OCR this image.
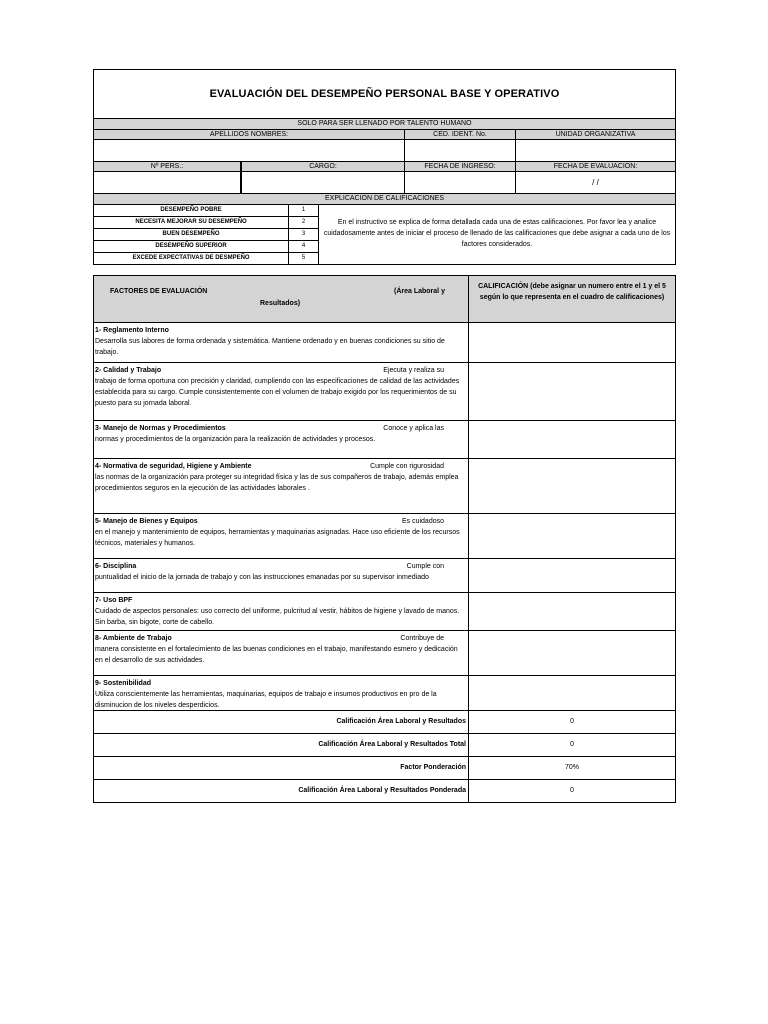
EVALUACIÓN DEL DESEMPEÑO PERSONAL BASE Y OPERATIVO
SOLO PARA SER LLENADO POR TALENTO HUMANO
APELLIDOS NOMBRES:	CED. IDENT. No.	UNIDAD ORGANIZATIVA
Nº PERS.:	CARGO:	FECHA DE INGRESO:	FECHA DE EVALUACIÓN:
/ /
EXPLICACIÓN DE CALIFICACIONES
DESEMPEÑO POBRE	1
NECESITA MEJORAR SU DESEMPEÑO	2
BUEN DESEMPEÑO	3
DESEMPEÑO SUPERIOR	4
EXCEDE EXPECTATIVAS DE DESMPEÑO	5
En el instructivo se explica de forma detallada cada una de estas calificaciones. Por favor lea y analice cuidadosamente antes de iniciar el proceso de llenado de las calificaciones que debe asignar a cada uno de los factores considerados.
FACTORES DE EVALUACIÓN	(Área Laboral y
Resultados)
CALIFICACIÓN (debe asignar un numero entre el 1 y el 5 según lo que representa en el cuadro de calificaciones)
1- Reglamento Interno
Desarrolla sus labores de forma ordenada y sistemática. Mantiene ordenado y en buenas condiciones su sitio de trabajo.
2- Calidad y Trabajo	Ejecuta y realiza su
trabajo de forma oportuna con precisión y claridad, cumpliendo con las especificaciones de calidad de las actividades establecida para su cargo. Cumple consistentemente con el volumen de trabajo exigido por los requerimientos de su puesto para su jornada laboral.
3- Manejo de Normas y Procedimientos	Conoce y aplica las
normas y procedimientos de la organización para la realización de actividades y procesos.
4- Normativa de seguridad, Higiene y Ambiente	Cumple con rigurosidad
las normas de la organización para proteger su integridad física y las de sus compañeros de trabajo, además emplea procedimientos seguros en la ejecución de las actividades laborales .
5- Manejo de Bienes y Equipos	Es cuidadoso
en el manejo y mantenimiento de equipos, herramientas y maquinarias asignadas. Hace uso eficiente de los recursos técnicos, materiales y humanos.
6- Disciplina	Cumple con
puntualidad el inicio de la jornada de trabajo y con las instrucciones emanadas por su supervisor inmediado
7- Uso BPF
Cuidado de aspectos personales: uso correcto del uniforme, pulcritud al vestir, hábitos de higiene y lavado de manos. Sin barba, sin bigote, corte de cabello.
8- Ambiente de Trabajo	Contribuye de
manera consistente en el fortalecimiento de las buenas condiciones en el trabajo, manifestando esmero y dedicación en el desarrollo de sus actividades.
9- Sostenibilidad
Utiliza conscientemente las herramientas, maquinarias, equipos de trabajo e insumos productivos en pro de la disminucion de los niveles desperdicios.
Calificación Área Laboral y Resultados	0
Calificación Área Laboral y Resultados Total	0
Factor Ponderación	70%
Calificación Área Laboral y Resultados Ponderada	0
